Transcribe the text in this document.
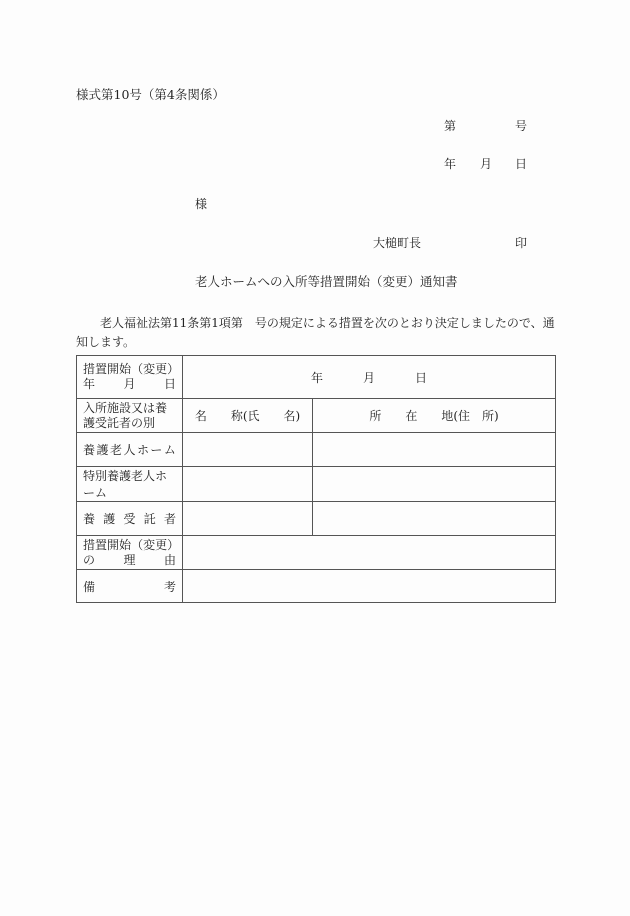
様式第10号（第4条関係）
第	号
年 月 日
様
大槌町長	印
老人ホームへの入所等措置開始（変更）通知書
老人福祉法第11条第1項第　号の規定による措置を次のとおり決定しましたので、通知します。
措 置 開 始 （ 変 更 ）
年 月 日	年	月	日

入所施設又は養護受託者の別	名　　称(氏　　名)	所　　在　　地(住　所)

養 護 老 人 ホ ー ム

特別養護老人ホーム		

養 護 受 託 者		

措 置 開 始 （ 変 更 ）
の 理 由

備 考		
